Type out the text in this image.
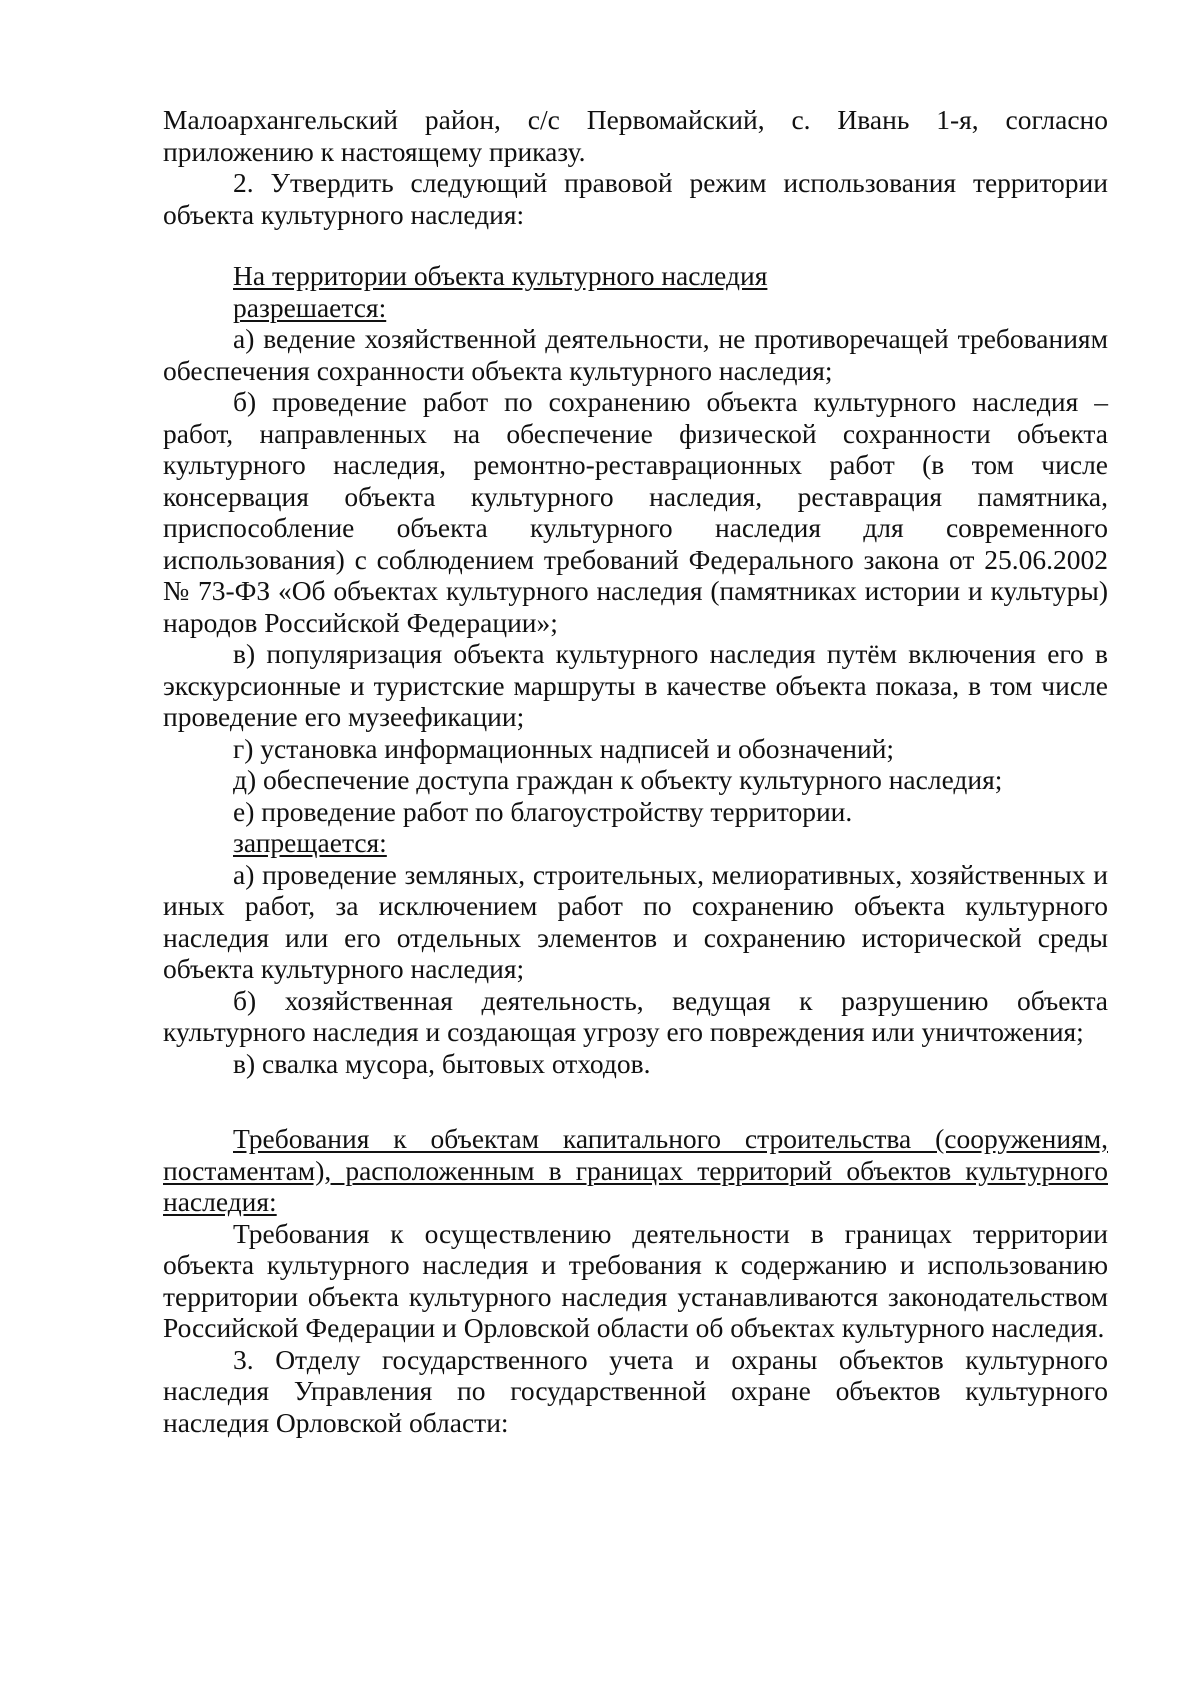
Малоархангельский район, с/с Первомайский, с. Ивань 1-я, согласно приложению к настоящему приказу.

2. Утвердить следующий правовой режим использования территории объекта культурного наследия:

На территории объекта культурного наследия

разрешается:

а) ведение хозяйственной деятельности, не противоречащей требованиям обеспечения сохранности объекта культурного наследия;

б) проведение работ по сохранению объекта культурного наследия – работ, направленных на обеспечение физической сохранности объекта культурного наследия, ремонтно-реставрационных работ (в том числе консервация объекта культурного наследия, реставрация памятника, приспособление объекта культурного наследия для современного использования) с соблюдением требований Федерального закона от 25.06.2002 № 73-ФЗ «Об объектах культурного наследия (памятниках истории и культуры) народов Российской Федерации»;

в) популяризация объекта культурного наследия путём включения его в экскурсионные и туристские маршруты в качестве объекта показа, в том числе проведение его музеефикации;

г) установка информационных надписей и обозначений;

д) обеспечение доступа граждан к объекту культурного наследия;

е) проведение работ по благоустройству территории.

запрещается:

а) проведение земляных, строительных, мелиоративных, хозяйственных и иных работ, за исключением работ по сохранению объекта культурного наследия или его отдельных элементов и сохранению исторической среды объекта культурного наследия;

б) хозяйственная деятельность, ведущая к разрушению объекта культурного наследия и создающая угрозу его повреждения или уничтожения;

в) свалка мусора, бытовых отходов.

Требования к объектам капитального строительства (сооружениям, постаментам), расположенным в границах территорий объектов культурного наследия:

Требования к осуществлению деятельности в границах территории объекта культурного наследия и требования к содержанию и использованию территории объекта культурного наследия устанавливаются законодательством Российской Федерации и Орловской области об объектах культурного наследия.

3. Отделу государственного учета и охраны объектов культурного наследия Управления по государственной охране объектов культурного наследия Орловской области:
